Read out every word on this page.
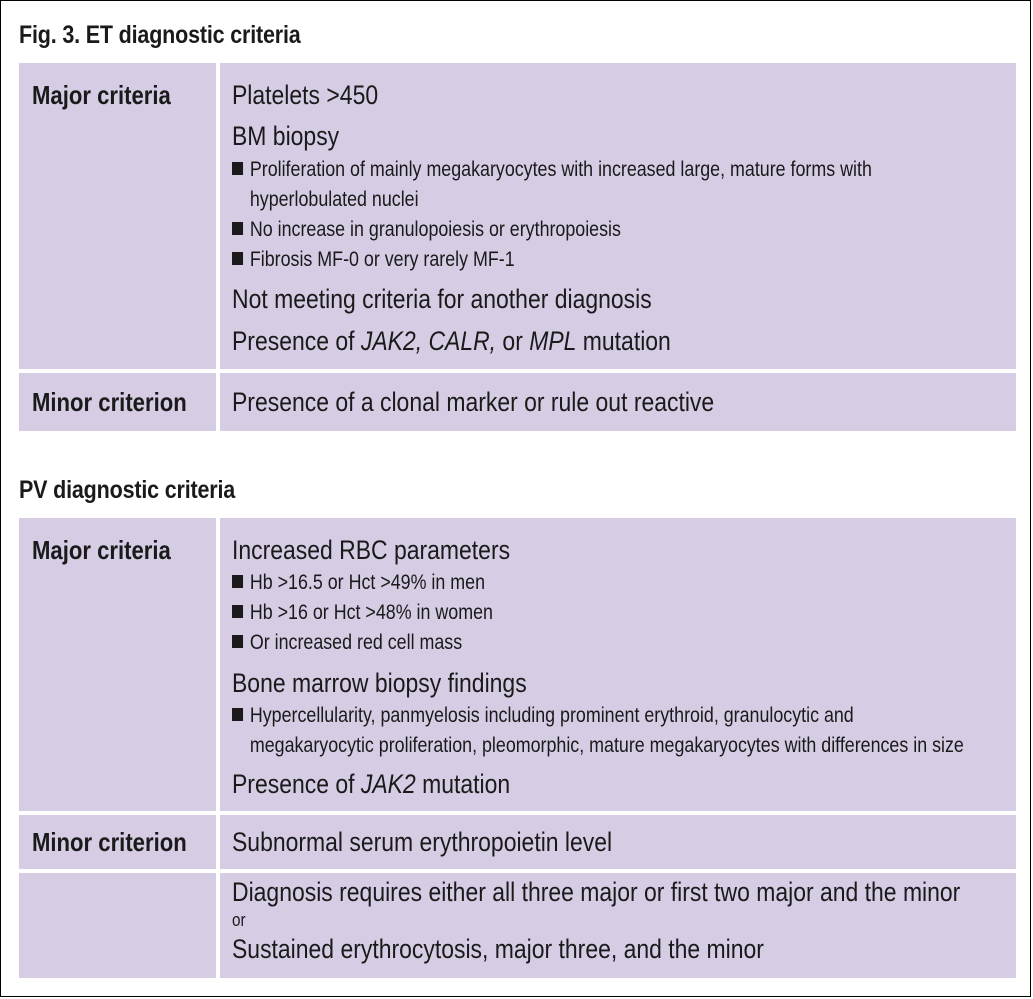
Fig. 3. ET diagnostic criteria
Major criteria Platelets >450
BM biopsy
Proliferation of mainly megakaryocytes with increased large, mature forms with
hyperlobulated nuclei
No increase in granulopoiesis or erythropoiesis
Fibrosis MF-0 or very rarely MF-1
Not meeting criteria for another diagnosis
Presence of JAK2, CALR, or MPL mutation
Minor criterion Presence of a clonal marker or rule out reactive
PV diagnostic criteria
Major criteria Increased RBC parameters
Hb >16.5 or Hct >49% in men
Hb >16 or Hct >48% in women
Or increased red cell mass
Bone marrow biopsy findings
Hypercellularity, panmyelosis including prominent erythroid, granulocytic and
megakaryocytic proliferation, pleomorphic, mature megakaryocytes with differences in size
Presence of JAK2 mutation
Minor criterion Subnormal serum erythropoietin level
Diagnosis requires either all three major or first two major and the minor
or
Sustained erythrocytosis, major three, and the minor
